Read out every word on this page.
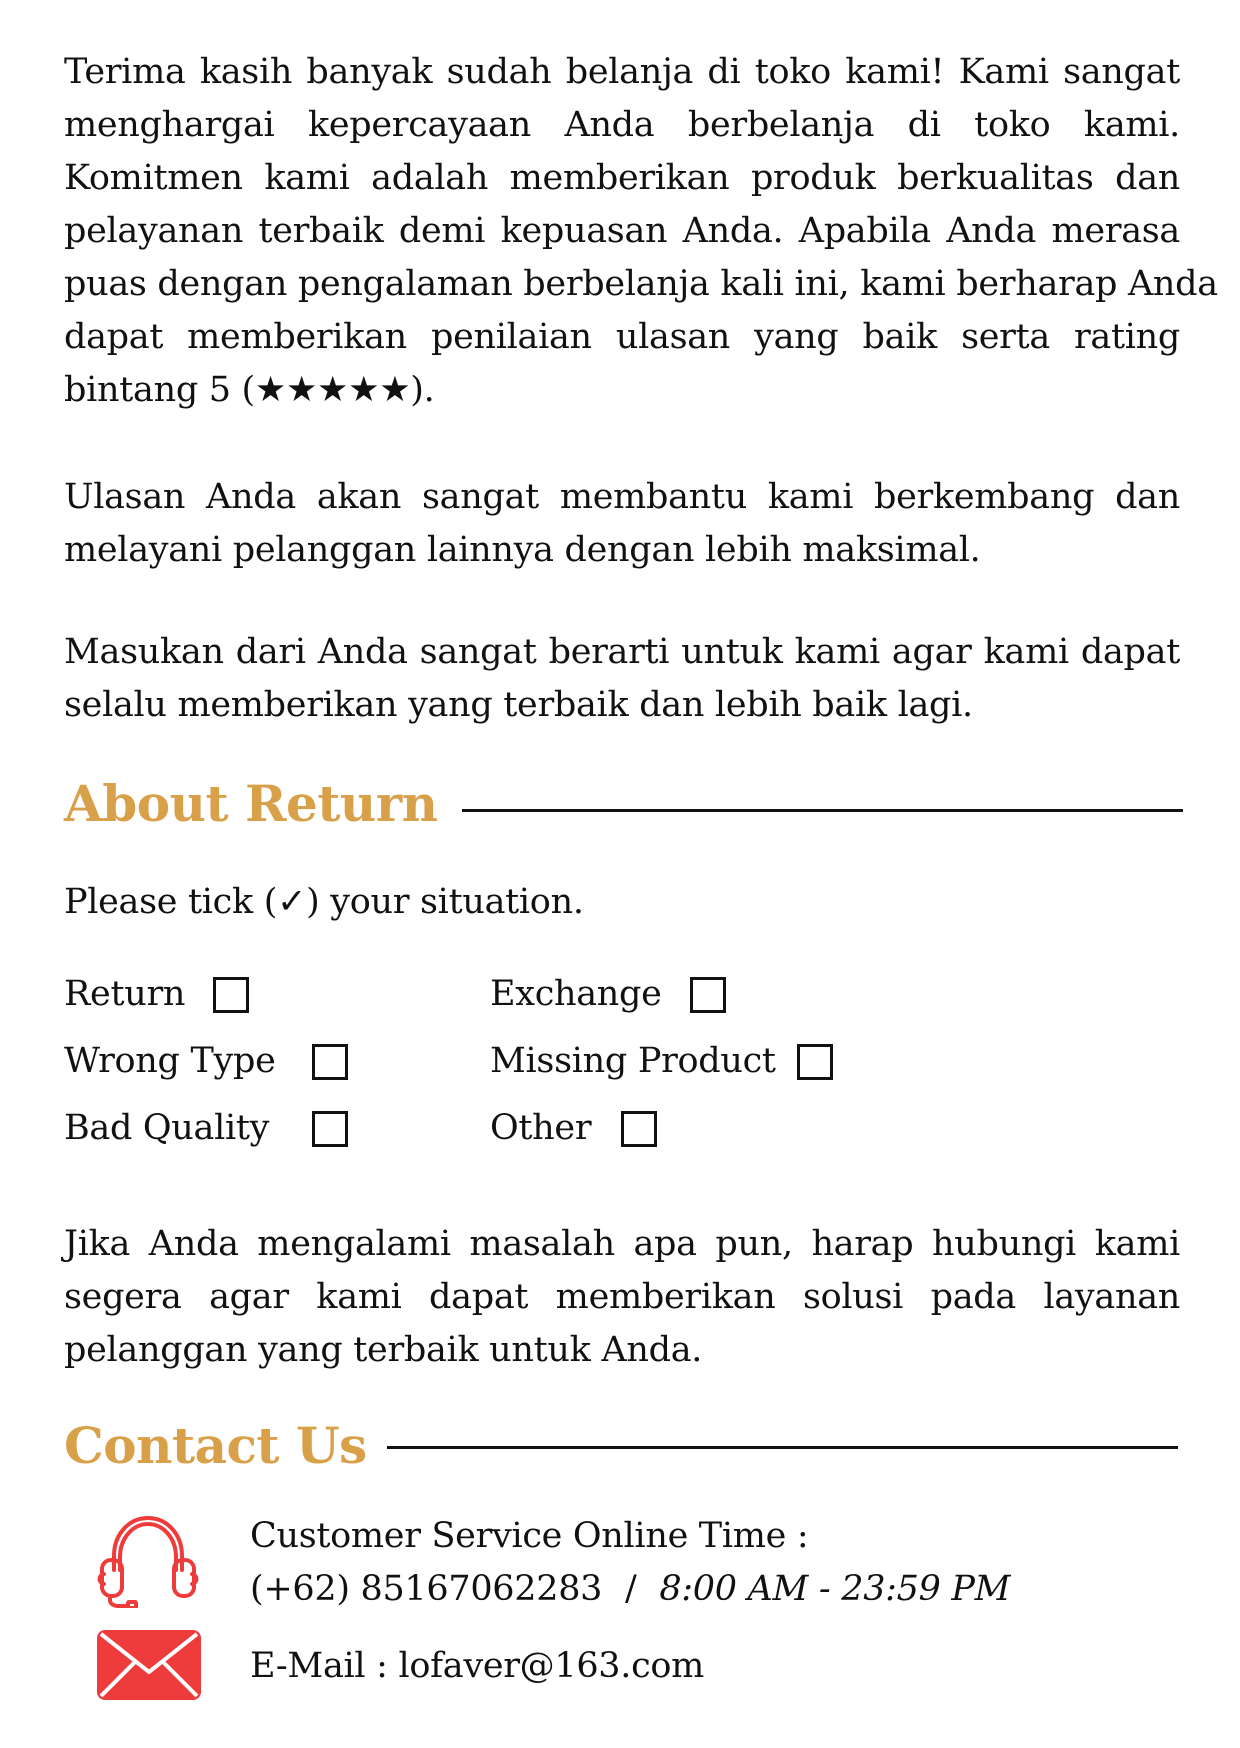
Terima kasih banyak sudah belanja di toko kami! Kami sangat
menghargai kepercayaan Anda berbelanja di toko kami.
Komitmen kami adalah memberikan produk berkualitas dan
pelayanan terbaik demi kepuasan Anda. Apabila Anda merasa
puas dengan pengalaman berbelanja kali ini, kami berharap Anda
dapat memberikan penilaian ulasan yang baik serta rating
bintang 5 (★★★★★).
Ulasan Anda akan sangat membantu kami berkembang dan
melayani pelanggan lainnya dengan lebih maksimal.
Masukan dari Anda sangat berarti untuk kami agar kami dapat
selalu memberikan yang terbaik dan lebih baik lagi.
About Return
Please tick (✓) your situation.
Return	Exchange
Wrong Type	Missing Product
Bad Quality	Other
Jika Anda mengalami masalah apa pun, harap hubungi kami
segera agar kami dapat memberikan solusi pada layanan
pelanggan yang terbaik untuk Anda.
Contact Us
Customer Service Online Time :
(+62) 85167062283 / 8:00 AM - 23:59 PM
E-Mail : lofaver@163.com
